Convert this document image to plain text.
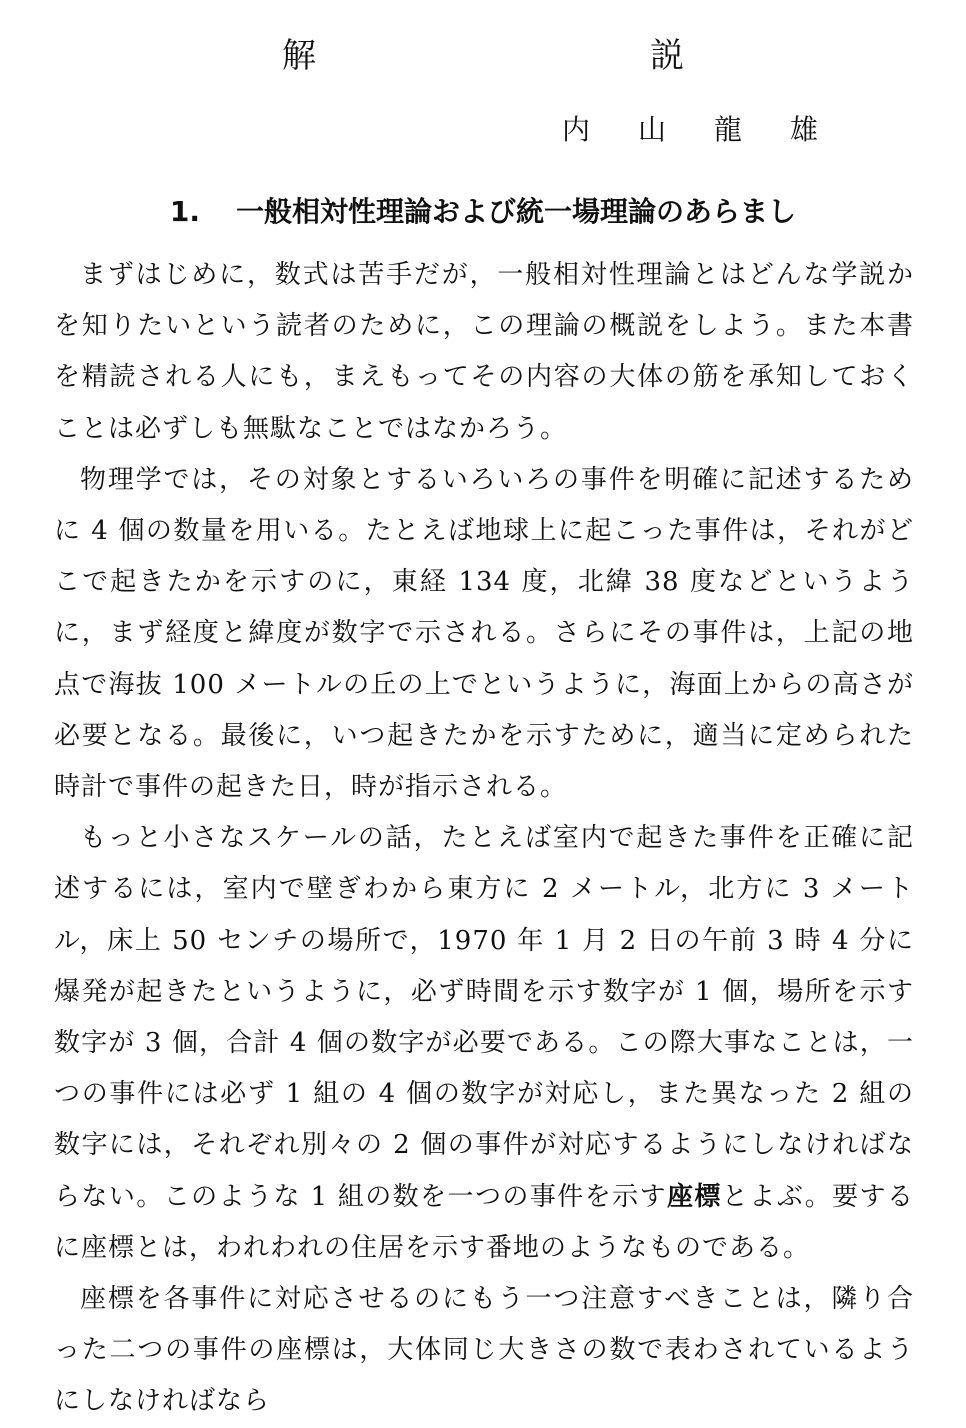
解　説

内山龍雄

1. 一般相対性理論および統一場理論のあらまし

まずはじめに，数式は苦手だが，一般相対性理論とはどんな学説かを知りたいという読者のために，この理論の概説をしよう。また本書を精読される人にも，まえもってその内容の大体の筋を承知しておくことは必ずしも無駄なことではなかろう。

物理学では，その対象とするいろいろの事件を明確に記述するために 4 個の数量を用いる。たとえば地球上に起こった事件は，それがどこで起きたかを示すのに，東経 134 度，北緯 38 度などというように，まず経度と緯度が数字で示される。さらにその事件は，上記の地点で海抜 100 メートルの丘の上でというように，海面上からの高さが必要となる。最後に，いつ起きたかを示すために，適当に定められた時計で事件の起きた日，時が指示される。

もっと小さなスケールの話，たとえば室内で起きた事件を正確に記述するには，室内で壁ぎわから東方に 2 メートル，北方に 3 メートル，床上 50 センチの場所で，1970 年 1 月 2 日の午前 3 時 4 分に爆発が起きたというように，必ず時間を示す数字が 1 個，場所を示す数字が 3 個，合計 4 個の数字が必要である。この際大事なことは，一つの事件には必ず 1 組の 4 個の数字が対応し，また異なった 2 組の数字には，それぞれ別々の 2 個の事件が対応するようにしなければならない。このような 1 組の数を一つの事件を示す座標とよぶ。要するに座標とは，われわれの住居を示す番地のようなものである。

座標を各事件に対応させるのにもう一つ注意すべきことは，隣り合った二つの事件の座標は，大体同じ大きさの数で表わされているようにしなければなら
